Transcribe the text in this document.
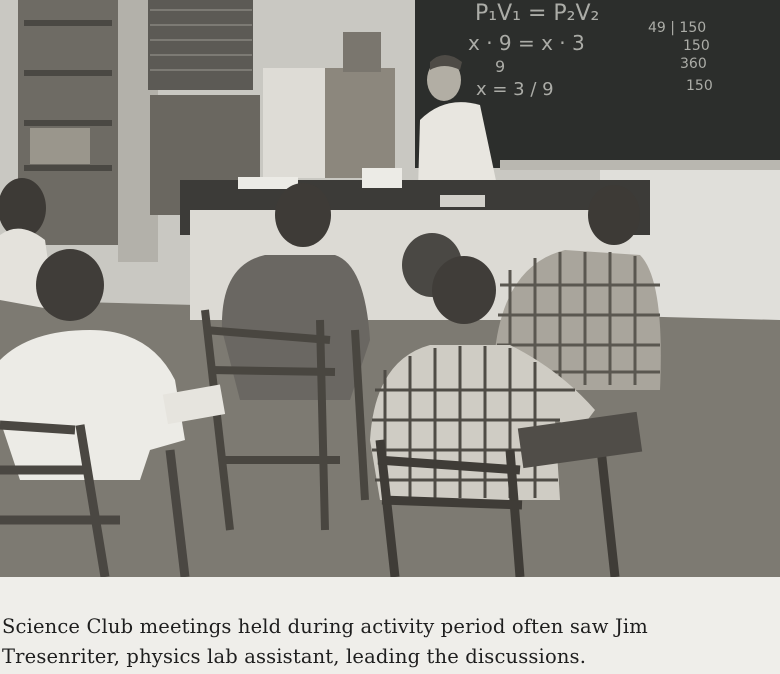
P₁V₁ = P₂V₂
x · 9 = x · 3
9
x = 3 / 9
49 | 150
150
360
150
Science Club meetings held during activity period often saw Jim
Tresenriter, physics lab assistant, leading the discussions.
